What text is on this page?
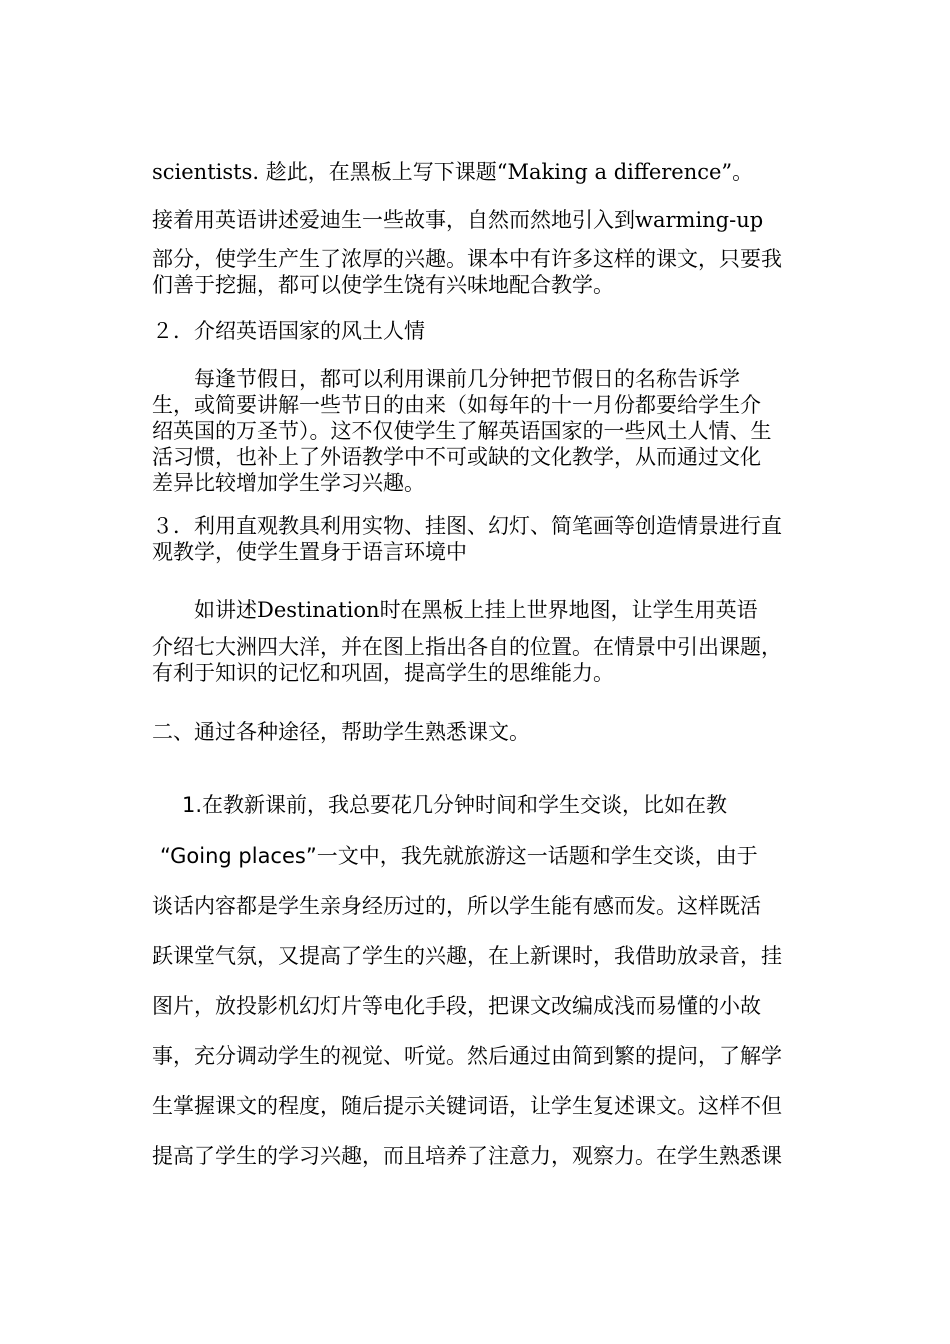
scientists. 趁此，在黑板上写下课题“Making a difference”。
接着用英语讲述爱迪生一些故事，自然而然地引入到warming-up
部分，使学生产生了浓厚的兴趣。课本中有许多这样的课文，只要我
们善于挖掘，都可以使学生饶有兴味地配合教学。
２．介绍英语国家的风土人情
每逢节假日，都可以利用课前几分钟把节假日的名称告诉学
生，或简要讲解一些节日的由来（如每年的十一月份都要给学生介
绍英国的万圣节）。这不仅使学生了解英语国家的一些风土人情、生
活习惯，也补上了外语教学中不可或缺的文化教学，从而通过文化
差异比较增加学生学习兴趣。
３．利用直观教具利用实物、挂图、幻灯、简笔画等创造情景进行直
观教学，使学生置身于语言环境中
如讲述Destination时在黑板上挂上世界地图，让学生用英语
介绍七大洲四大洋，并在图上指出各自的位置。在情景中引出课题，
有利于知识的记忆和巩固，提高学生的思维能力。
二、通过各种途径，帮助学生熟悉课文。
1.在教新课前，我总要花几分钟时间和学生交谈，比如在教
“Going places”一文中，我先就旅游这一话题和学生交谈，由于
谈话内容都是学生亲身经历过的，所以学生能有感而发。这样既活
跃课堂气氛，又提高了学生的兴趣，在上新课时，我借助放录音，挂
图片，放投影机幻灯片等电化手段，把课文改编成浅而易懂的小故
事，充分调动学生的视觉、听觉。然后通过由简到繁的提问，了解学
生掌握课文的程度，随后提示关键词语，让学生复述课文。这样不但
提高了学生的学习兴趣，而且培养了注意力，观察力。在学生熟悉课
